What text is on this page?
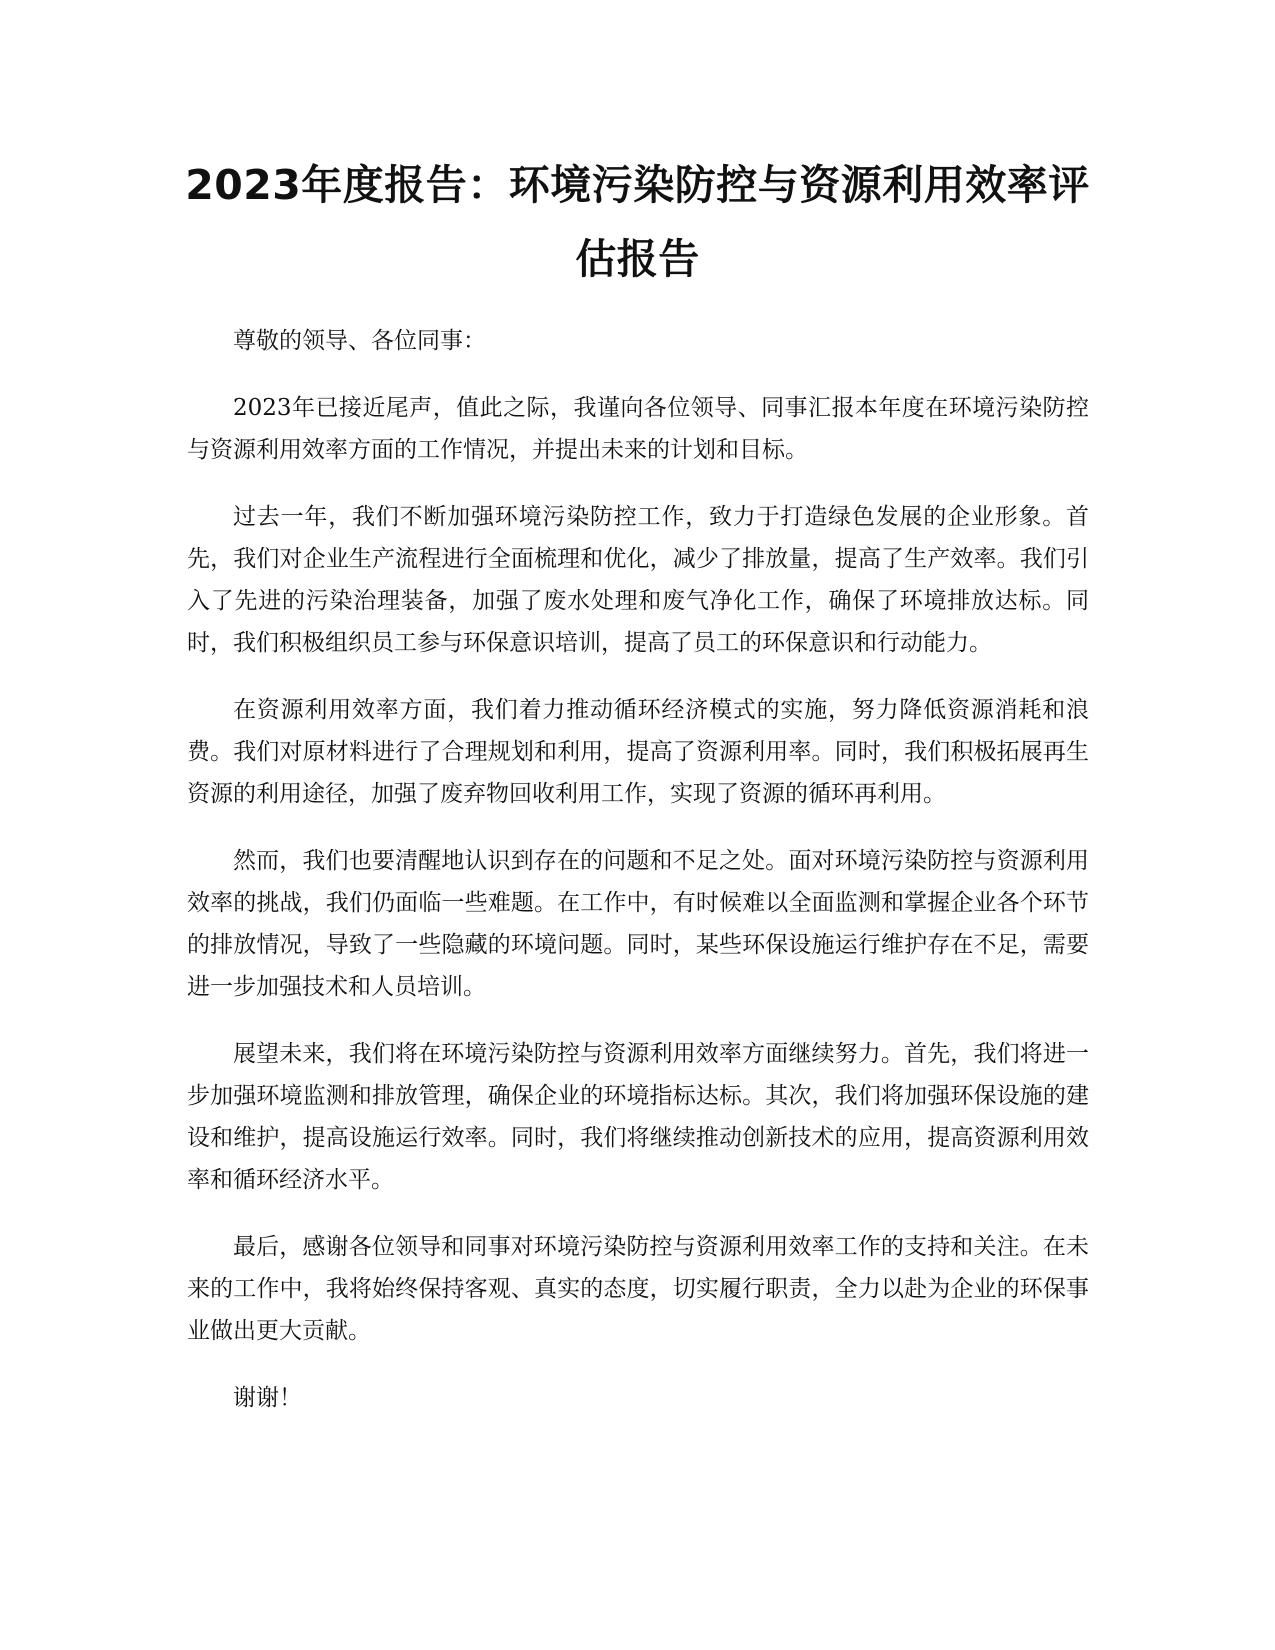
2023年度报告：环境污染防控与资源利用效率评估报告

尊敬的领导、各位同事：

2023年已接近尾声，值此之际，我谨向各位领导、同事汇报本年度在环境污染防控与资源利用效率方面的工作情况，并提出未来的计划和目标。

过去一年，我们不断加强环境污染防控工作，致力于打造绿色发展的企业形象。首先，我们对企业生产流程进行全面梳理和优化，减少了排放量，提高了生产效率。我们引入了先进的污染治理装备，加强了废水处理和废气净化工作，确保了环境排放达标。同时，我们积极组织员工参与环保意识培训，提高了员工的环保意识和行动能力。

在资源利用效率方面，我们着力推动循环经济模式的实施，努力降低资源消耗和浪费。我们对原材料进行了合理规划和利用，提高了资源利用率。同时，我们积极拓展再生资源的利用途径，加强了废弃物回收利用工作，实现了资源的循环再利用。

然而，我们也要清醒地认识到存在的问题和不足之处。面对环境污染防控与资源利用效率的挑战，我们仍面临一些难题。在工作中，有时候难以全面监测和掌握企业各个环节的排放情况，导致了一些隐藏的环境问题。同时，某些环保设施运行维护存在不足，需要进一步加强技术和人员培训。

展望未来，我们将在环境污染防控与资源利用效率方面继续努力。首先，我们将进一步加强环境监测和排放管理，确保企业的环境指标达标。其次，我们将加强环保设施的建设和维护，提高设施运行效率。同时，我们将继续推动创新技术的应用，提高资源利用效率和循环经济水平。

最后，感谢各位领导和同事对环境污染防控与资源利用效率工作的支持和关注。在未来的工作中，我将始终保持客观、真实的态度，切实履行职责，全力以赴为企业的环保事业做出更大贡献。

谢谢！
